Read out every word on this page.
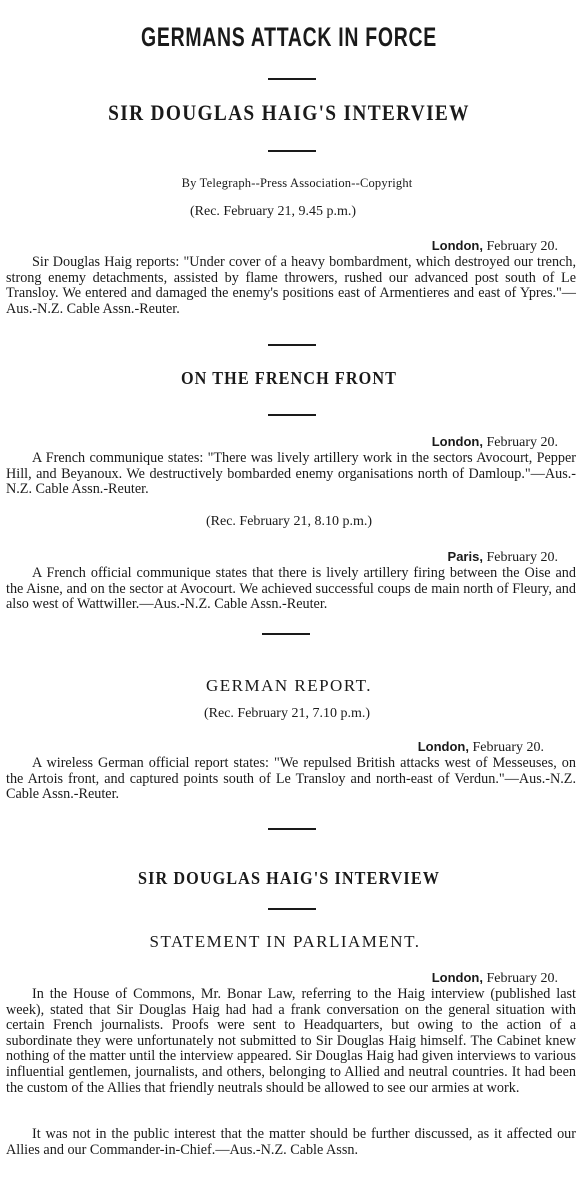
GERMANS ATTACK IN FORCE
SIR DOUGLAS HAIG'S INTERVIEW
By Telegraph--Press Association--Copyright
(Rec. February 21, 9.45 p.m.)
London, February 20.

Sir Douglas Haig reports: "Under cover of a heavy bombardment, which destroyed our trench, strong enemy detachments, assisted by flame throwers, rushed our advanced post south of Le Transloy. We entered and damaged the enemy's positions east of Armentieres and east of Ypres."—Aus.-N.Z. Cable Assn.-Reuter.

ON THE FRENCH FRONT
London, February 20.

A French communique states: "There was lively artillery work in the sectors Avocourt, Pepper Hill, and Beyanoux. We destructively bombarded enemy organisations north of Damloup."—Aus.-N.Z. Cable Assn.-Reuter.

(Rec. February 21, 8.10 p.m.)
Paris, February 20.

A French official communique states that there is lively artillery firing between the Oise and the Aisne, and on the sector at Avocourt. We achieved successful coups de main north of Fleury, and also west of Wattwiller.—Aus.-N.Z. Cable Assn.-Reuter.

GERMAN REPORT.
(Rec. February 21, 7.10 p.m.)
London, February 20.

A wireless German official report states: "We repulsed British attacks west of Messeuses, on the Artois front, and captured points south of Le Transloy and north-east of Verdun."—Aus.-N.Z. Cable Assn.-Reuter.

SIR DOUGLAS HAIG'S INTERVIEW
STATEMENT IN PARLIAMENT.
London, February 20.

In the House of Commons, Mr. Bonar Law, referring to the Haig interview (published last week), stated that Sir Douglas Haig had had a frank conversation on the general situation with certain French journalists. Proofs were sent to Headquarters, but owing to the action of a subordinate they were unfortunately not submitted to Sir Douglas Haig himself. The Cabinet knew nothing of the matter until the interview appeared. Sir Douglas Haig had given interviews to various influential gentlemen, journalists, and others, belonging to Allied and neutral countries. It had been the custom of the Allies that friendly neutrals should be allowed to see our armies at work.

It was not in the public interest that the matter should be further discussed, as it affected our Allies and our Commander-in-Chief.—Aus.-N.Z. Cable Assn.
